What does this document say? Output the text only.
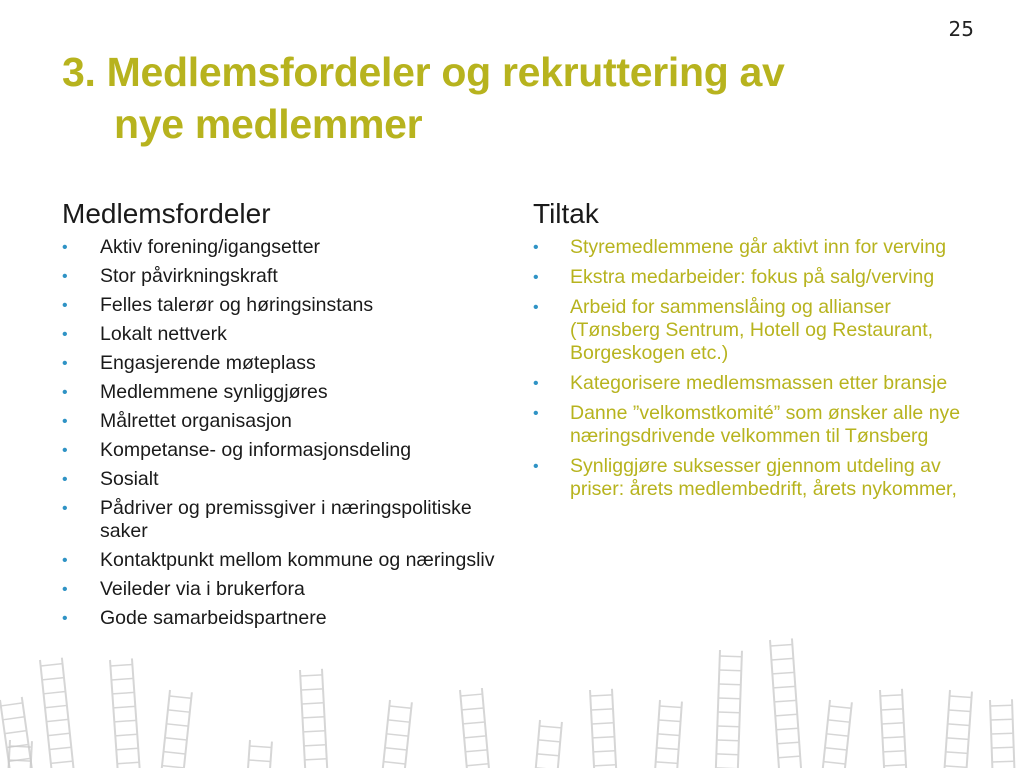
25
3. Medlemsfordeler og rekruttering av
nye medlemmer
Medlemsfordeler
• Aktiv forening/igangsetter
• Stor påvirkningskraft
• Felles talerør og høringsinstans
• Lokalt nettverk
• Engasjerende møteplass
• Medlemmene synliggjøres
• Målrettet organisasjon
• Kompetanse- og informasjonsdeling
• Sosialt
• Pådriver og premissgiver i næringspolitiske saker
• Kontaktpunkt mellom kommune og næringsliv
• Veileder via i brukerfora
• Gode samarbeidspartnere
Tiltak
• Styremedlemmene går aktivt inn for verving
• Ekstra medarbeider: fokus på salg/verving
• Arbeid for sammenslåing og allianser (Tønsberg Sentrum, Hotell og Restaurant, Borgeskogen etc.)
• Kategorisere medlemsmassen etter bransje
• Danne ”velkomstkomité” som ønsker alle nye næringsdrivende velkommen til Tønsberg
• Synliggjøre suksesser gjennom utdeling av priser: årets medlembedrift, årets nykommer,
